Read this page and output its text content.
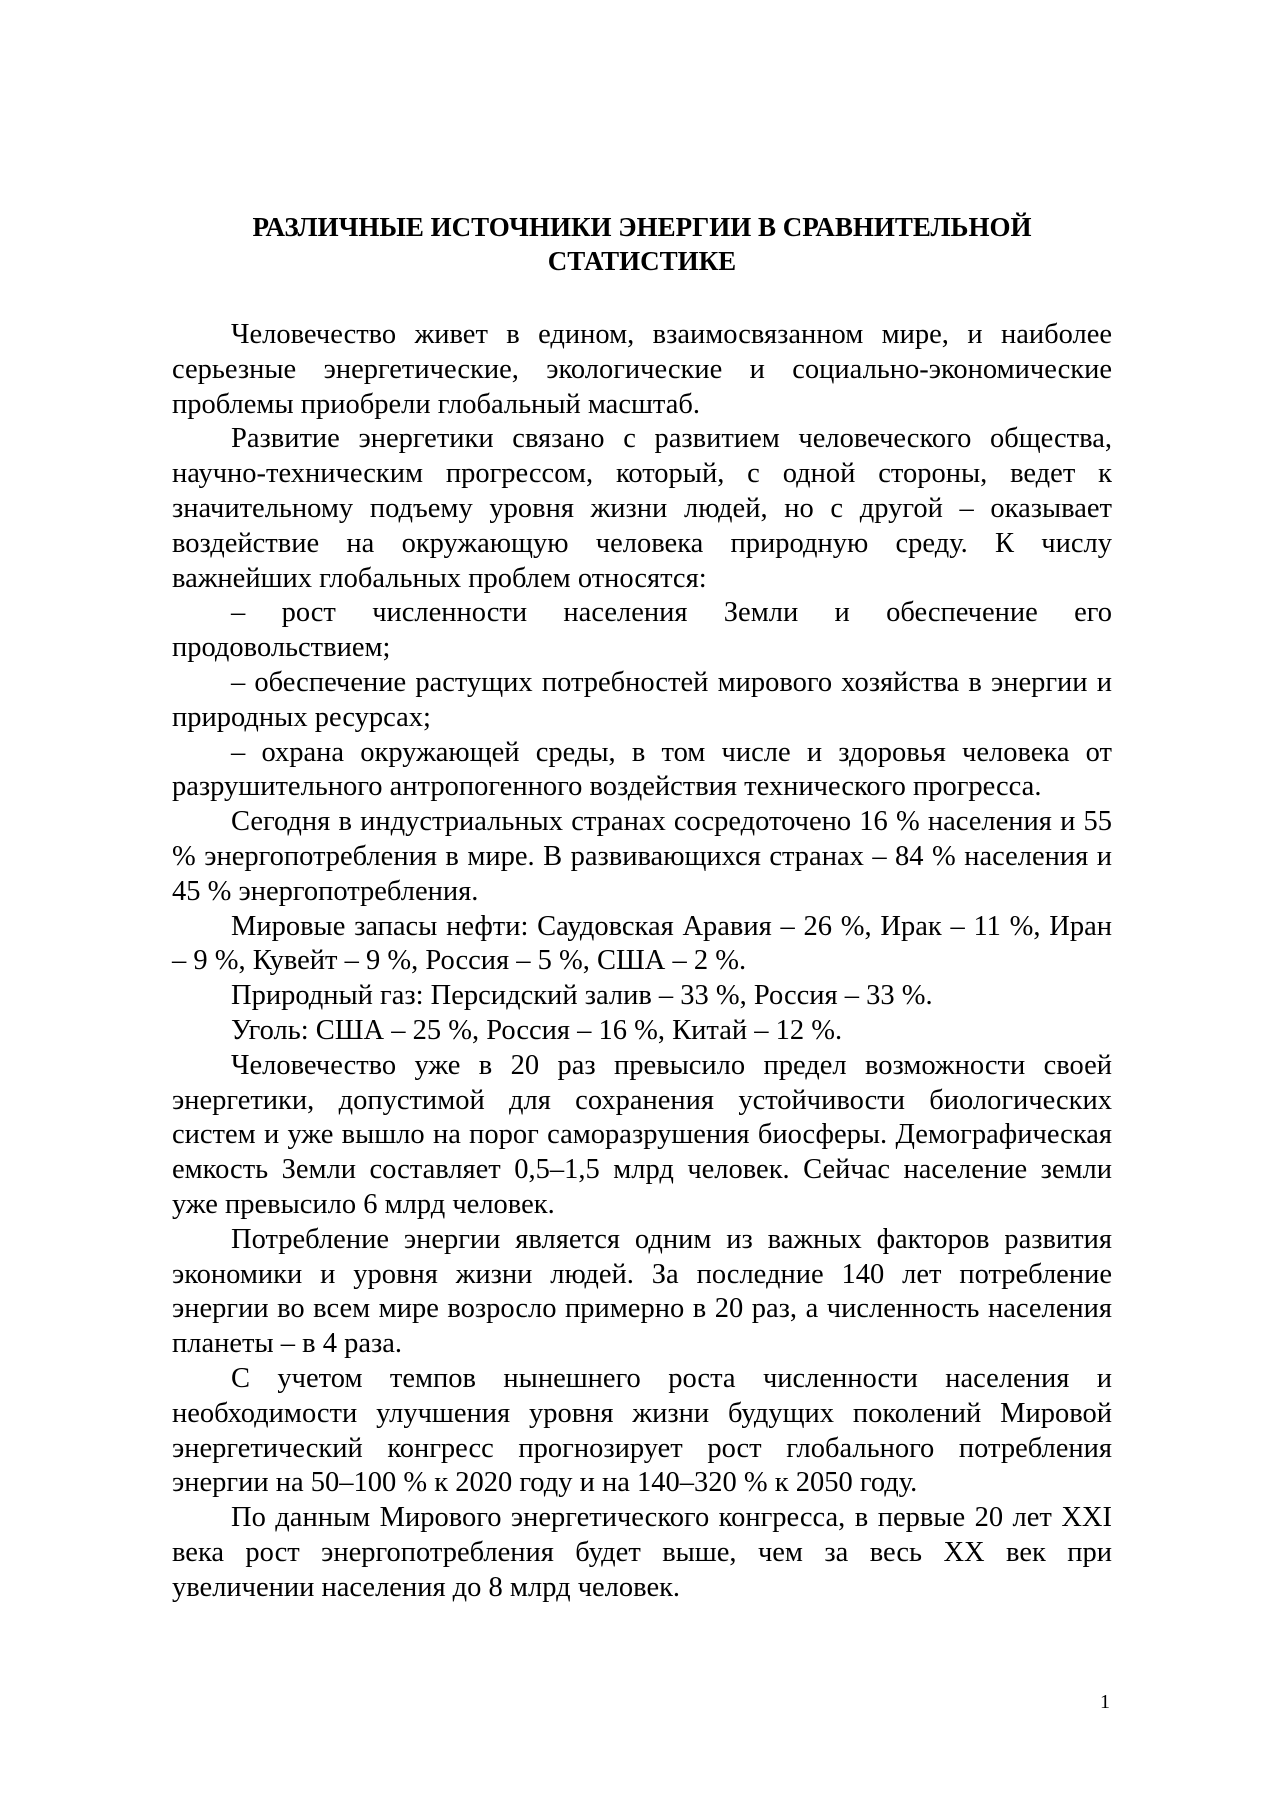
РАЗЛИЧНЫЕ ИСТОЧНИКИ ЭНЕРГИИ В СРАВНИТЕЛЬНОЙ
СТАТИСТИКЕ

Человечество живет в едином, взаимосвязанном мире, и наиболее серьезные энергетические, экологические и социально-экономические проблемы приобрели глобальный масштаб.

Развитие энергетики связано с развитием человеческого общества, научно-техническим прогрессом, который, с одной стороны, ведет к значительному подъему уровня жизни людей, но с другой – оказывает воздействие на окружающую человека природную среду. К числу важнейших глобальных проблем относятся:

– рост численности населения Земли и обеспечение его продовольствием;

– обеспечение растущих потребностей мирового хозяйства в энергии и природных ресурсах;

– охрана окружающей среды, в том числе и здоровья человека от разрушительного антропогенного воздействия технического прогресса.

Сегодня в индустриальных странах сосредоточено 16 % населения и 55 % энергопотребления в мире. В развивающихся странах – 84 % населения и 45 % энергопотребления.

Мировые запасы нефти: Саудовская Аравия – 26 %, Ирак – 11 %, Иран – 9 %, Кувейт – 9 %, Россия – 5 %, США – 2 %.

Природный газ: Персидский залив – 33 %, Россия – 33 %.

Уголь: США – 25 %, Россия – 16 %, Китай – 12 %.

Человечество уже в 20 раз превысило предел возможности своей энергетики, допустимой для сохранения устойчивости биологических систем и уже вышло на порог саморазрушения биосферы. Демографическая емкость Земли составляет 0,5–1,5 млрд человек. Сейчас население земли уже превысило 6 млрд человек.

Потребление энергии является одним из важных факторов развития экономики и уровня жизни людей. За последние 140 лет потребление энергии во всем мире возросло примерно в 20 раз, а численность населения планеты – в 4 раза.

С учетом темпов нынешнего роста численности населения и необходимости улучшения уровня жизни будущих поколений Мировой энергетический конгресс прогнозирует рост глобального потребления энергии на 50–100 % к 2020 году и на 140–320 % к 2050 году.

По данным Мирового энергетического конгресса, в первые 20 лет XXI века рост энергопотребления будет выше, чем за весь XX век при увеличении населения до 8 млрд человек.

1
